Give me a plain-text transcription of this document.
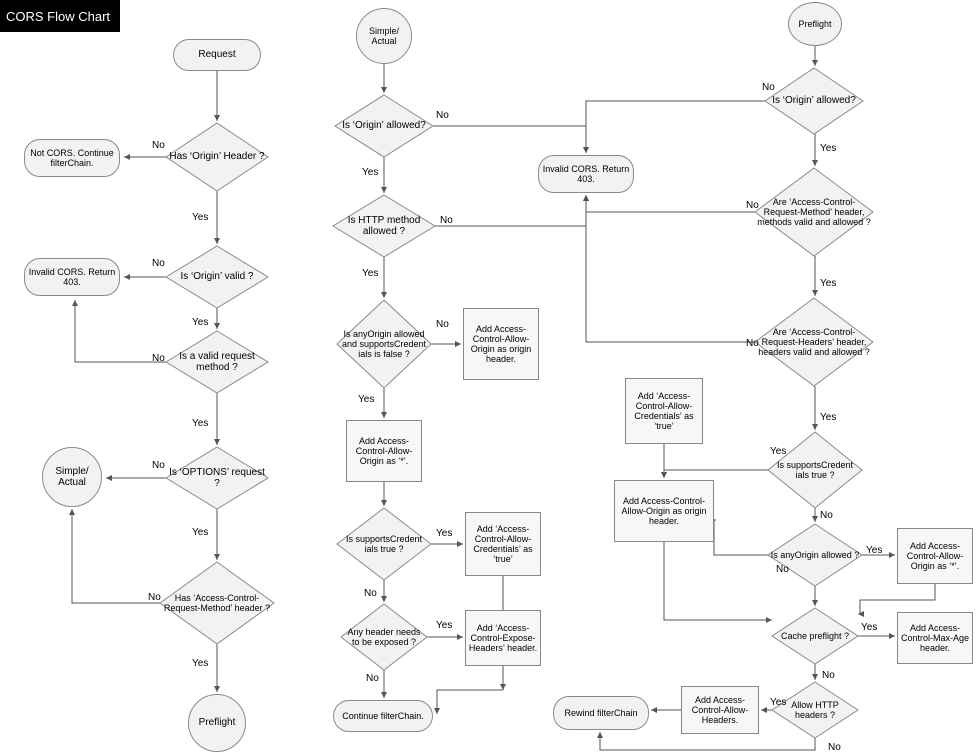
CORS Flow Chart
Request
Has ‘Origin’ Header ?
Not CORS. Continue filterChain.
Is ‘Origin’ valid ?
Invalid CORS. Return 403.
Is a valid request method ?
Is ‘OPTIONS’ request ?
Simple/ Actual
Has ‘Access-Control-Request-Method’ header ?
Preflight
Simple/ Actual
Is ‘Origin’ allowed?
Invalid CORS. Return 403.
Is HTTP method allowed ?
Is anyOrigin allowed and supportsCredent ials is false ?
Add Access-Control-Allow-Origin as origin header.
Add Access-Control-Allow-Origin as ‘*’.
Is supportsCredent ials true ?
Add ‘Access-Control-Allow-Credentials’ as ‘true’
Any header needs to be exposed ?
Add ‘Access-Control-Expose-Headers’ header.
Continue filterChain.
Preflight
Is ‘Origin’ allowed?
Are ‘Access-Control-Request-Method’ header, methods valid and allowed ?
Are ‘Access-Control-Request-Headers’ header, headers valid and allowed ?
Is supportsCredent ials true ?
Add ‘Access-Control-Allow-Credentials’ as ‘true’
Add Access-Control-Allow-Origin as origin header.
Is anyOrigin allowed ?
Add Access-Control-Allow-Origin as ‘*’.
Cache preflight ?
Add Access-Control-Max-Age header.
Allow HTTP headers ?
Add Access-Control-Allow-Headers.
Rewind filterChain
No
Yes
No
Yes
No
Yes
No
Yes
No
Yes
No
Yes
No
Yes
No
Yes
Yes
No
Yes
No
No
Yes
No
Yes
No
Yes
Yes
No
No
Yes
Yes
No
Yes
No
